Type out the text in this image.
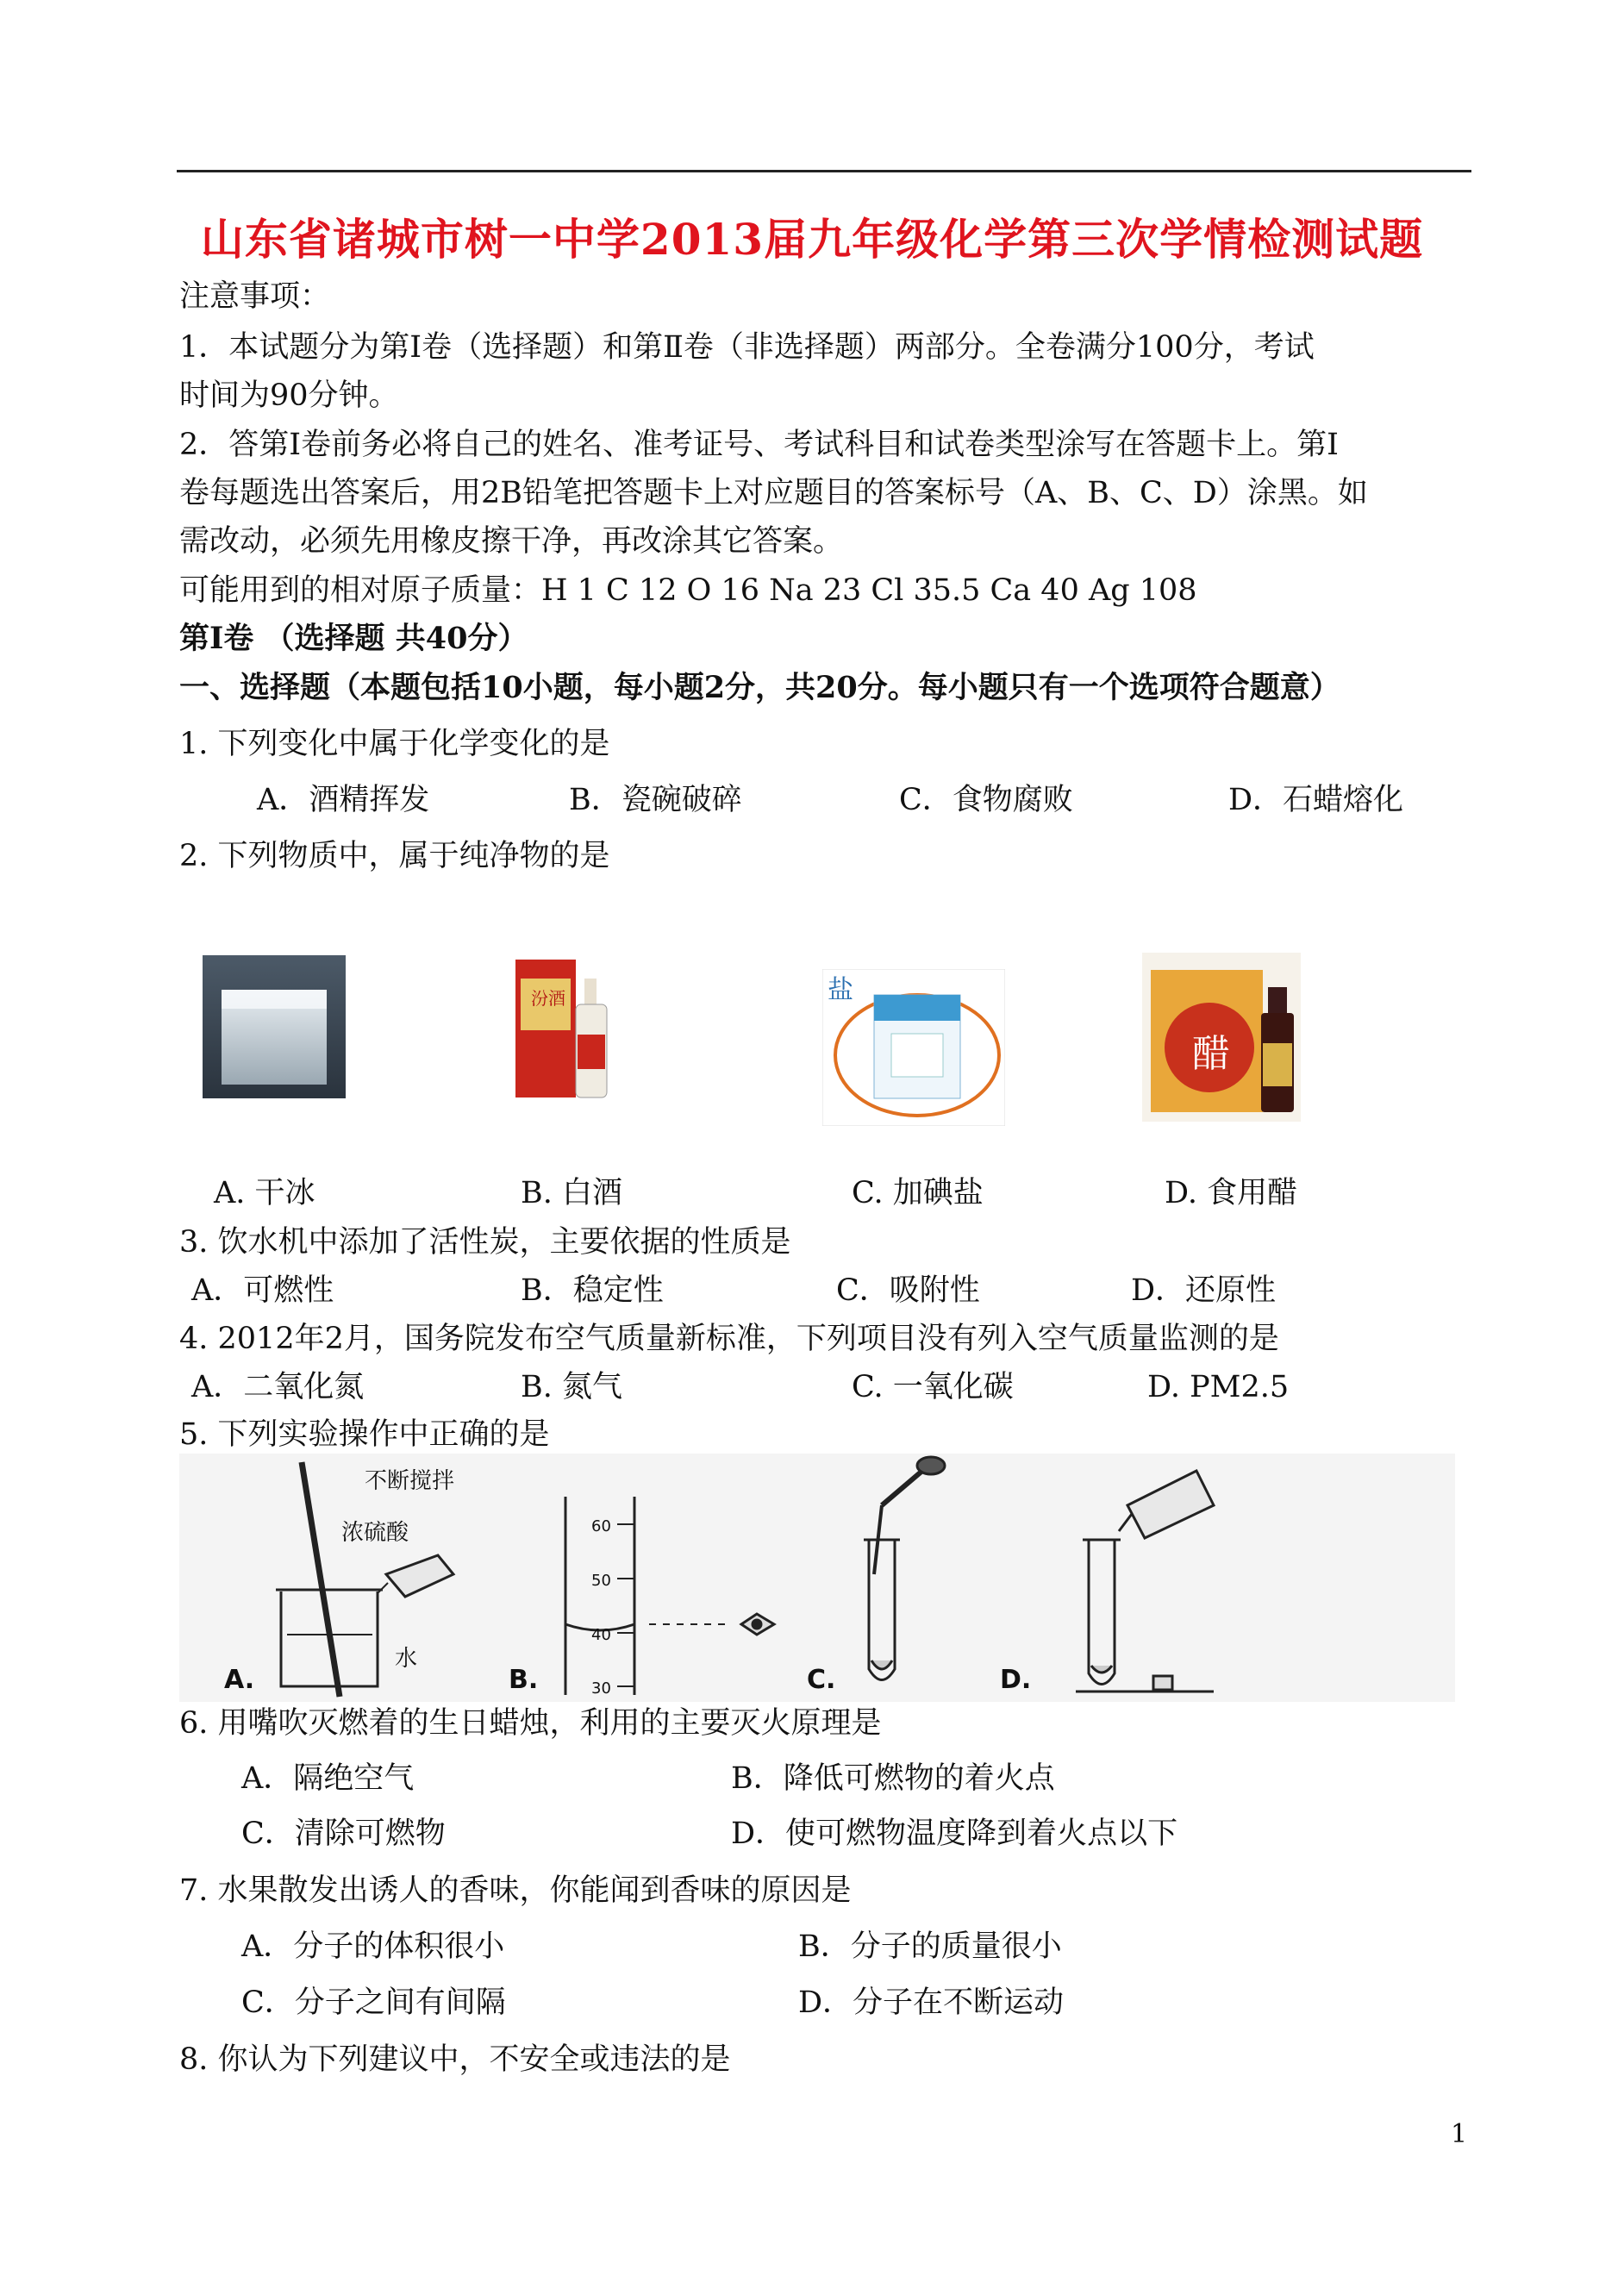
山东省诸城市树一中学2013届九年级化学第三次学情检测试题
注意事项：
1．本试题分为第Ⅰ卷（选择题）和第Ⅱ卷（非选择题）两部分。全卷满分100分，考试
时间为90分钟。
2．答第Ⅰ卷前务必将自己的姓名、准考证号、考试科目和试卷类型涂写在答题卡上。第Ⅰ
卷每题选出答案后，用2B铅笔把答题卡上对应题目的答案标号（A、B、C、D）涂黑。如
需改动，必须先用橡皮擦干净，再改涂其它答案。
可能用到的相对原子质量：H 1 C 12 O 16 Na 23 Cl 35.5 Ca 40 Ag 108
第Ⅰ卷 （选择题 共40分）
一、选择题（本题包括10小题，每小题2分，共20分。每小题只有一个选项符合题意）
1. 下列变化中属于化学变化的是
A．酒精挥发	B．瓷碗破碎	C．食物腐败	D．石蜡熔化
2. 下列物质中，属于纯净物的是
汾酒	盐
醋
A. 干冰	B. 白酒	C. 加碘盐	D. 食用醋
3. 饮水机中添加了活性炭，主要依据的性质是
A．可燃性	B．稳定性	C．吸附性	D．还原性
4. 2012年2月，国务院发布空气质量新标准，下列项目没有列入空气质量监测的是
A．二氧化氮	B. 氮气	C. 一氧化碳	D. PM2.5
5. 下列实验操作中正确的是
不断搅拌
浓硫酸
水
A.
60
50
40
30
B.	C.	D.
6. 用嘴吹灭燃着的生日蜡烛，利用的主要灭火原理是
A．隔绝空气	B．降低可燃物的着火点
C．清除可燃物	D．使可燃物温度降到着火点以下
7. 水果散发出诱人的香味，你能闻到香味的原因是
A．分子的体积很小	B．分子的质量很小
C．分子之间有间隔	D．分子在不断运动
8. 你认为下列建议中，不安全或违法的是
1
